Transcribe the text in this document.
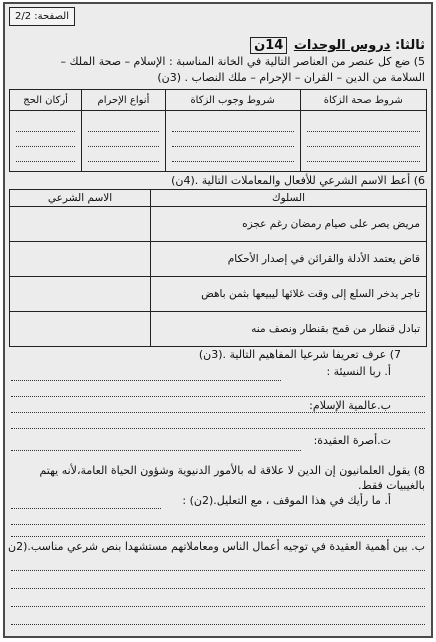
الصفحة: 2/2
ثالثا: دروس الوحدات 14ن
5) ضع كل عنصر من العناصر التالية في الخانة المناسبة : الإسلام – صحة الملك –
السلامة من الدين – القران – الإحرام – ملك النصاب . (3ن)
شروط صحة الزكاة	شروط وجوب الزكاة	أنواع الإحرام	أركان الحج

6) أعط الاسم الشرعي للأفعال والمعاملات التالية .(4ن)
السلوك	الاسم الشرعي
مريض يصر على صيام رمضان رغم عجزه	
قاض يعتمد الأدلة والقرائن في إصدار الأحكام	
تاجر يدخر السلع إلى وقت غلائها ليبيعها بثمن باهض	
تبادل قنطار من قمح بقنطار ونصف منه	
7) عرف تعريفا شرعيا المفاهيم التالية .(3ن)
أ. ربا النسيئة :
ب.عالمية الإسلام:
ت.أصرة العقيدة:
8) يقول العلمانيون إن الدين لا علاقة له بالأمور الدنيوية وشؤون الحياة العامة،لأنه يهتم
بالغيبيات فقط.
أ. ما رأيك في هذا الموقف ، مع التعليل.(2ن) :
ب. بين أهمية العقيدة في توجيه أعمال الناس ومعاملاتهم مستشهدا بنص شرعي مناسب.(2ن
